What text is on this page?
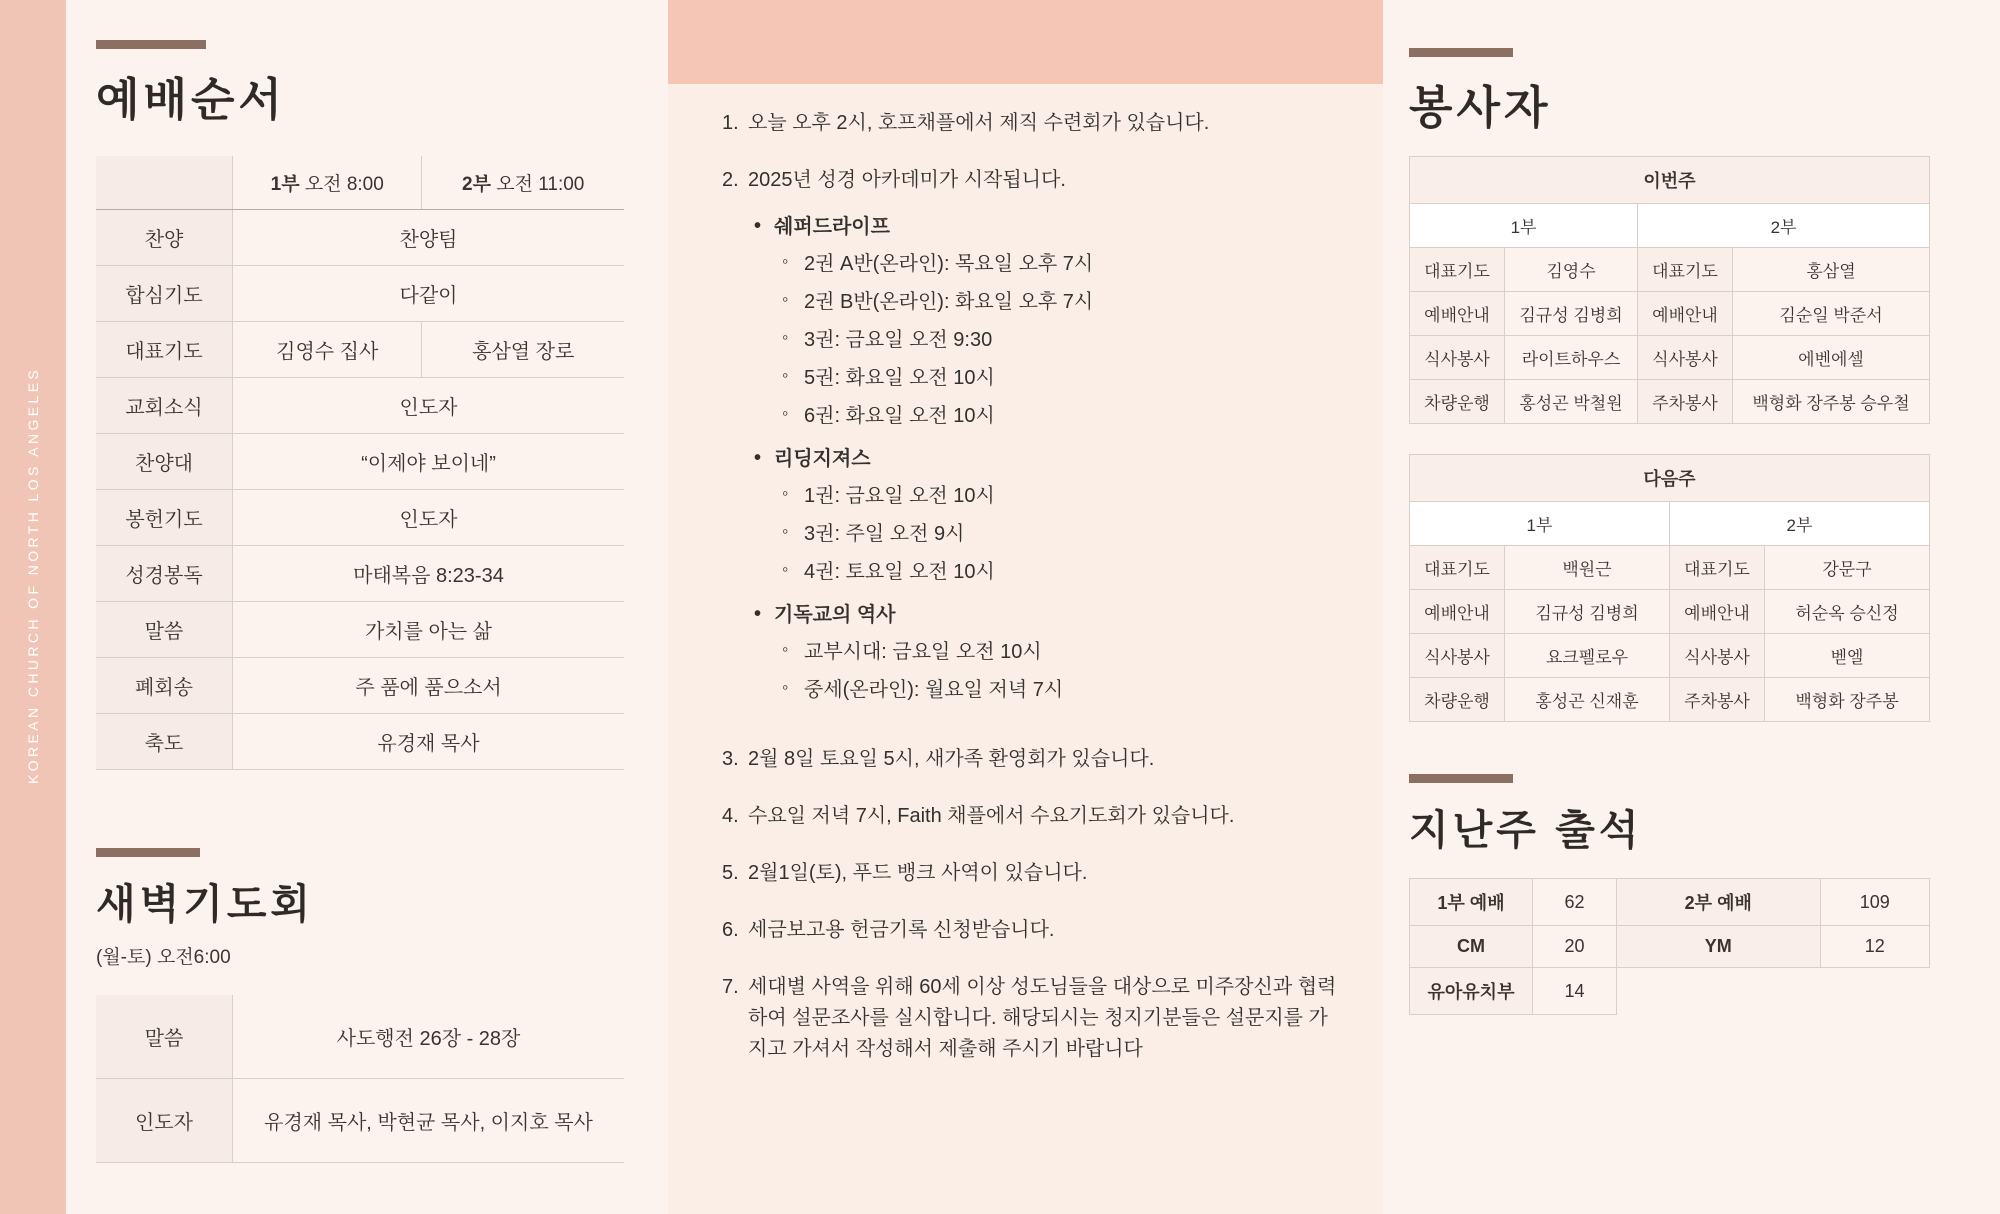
KOREAN CHURCH OF NORTH LOS ANGELES
예배순서
	1부 오전 8:00	2부 오전 11:00
찬양	찬양팀	
합심기도	다같이	
대표기도	김영수 집사	홍삼열 장로
교회소식	인도자	
찬양대	“이제야 보이네”	
봉헌기도	인도자	
성경봉독	마태복음 8:23-34	
말씀	가치를 아는 삶	
폐회송	주 품에 품으소서	
축도	유경재 목사	
새벽기도회
(월-토) 오전6:00
말씀	사도행전 26장 - 28장
인도자	유경재 목사, 박현균 목사, 이지호 목사
1. 오늘 오후 2시, 호프채플에서 제직 수련회가 있습니다.
2. 2025년 성경 아카데미가 시작됩니다.
• 쉐퍼드라이프
◦ 2권 A반(온라인): 목요일 오후 7시
◦ 2권 B반(온라인): 화요일 오후 7시
◦ 3권: 금요일 오전 9:30
◦ 5권: 화요일 오전 10시
◦ 6권: 화요일 오전 10시
• 리딩지져스
◦ 1권: 금요일 오전 10시
◦ 3권: 주일 오전 9시
◦ 4권: 토요일 오전 10시
• 기독교의 역사
◦ 교부시대: 금요일 오전 10시
◦ 중세(온라인): 월요일 저녁 7시
3. 2월 8일 토요일 5시, 새가족 환영회가 있습니다.
4. 수요일 저녁 7시, Faith 채플에서 수요기도회가 있습니다.
5. 2월1일(토), 푸드 뱅크 사역이 있습니다.
6. 세금보고용 헌금기록 신청받습니다.
7. 세대별 사역을 위해 60세 이상 성도님들을 대상으로 미주장신과 협력하여 설문조사를 실시합니다. 해당되시는 청지기분들은 설문지를 가지고 가셔서 작성해서 제출해 주시기 바랍니다
봉사자
이번주			
1부		2부	
대표기도	김영수	대표기도	홍삼열
예배안내	김규성 김병희	예배안내	김순일 박준서
식사봉사	라이트하우스	식사봉사	에벤에셀
차량운행	홍성곤 박철원	주차봉사	백형화 장주봉 승우철
다음주			
1부		2부	
대표기도	백원근	대표기도	강문구
예배안내	김규성 김병희	예배안내	허순옥 승신정
식사봉사	요크펠로우	식사봉사	벧엘
차량운행	홍성곤 신재훈	주차봉사	백형화 장주봉
지난주 출석
1부 예배	62	2부 예배	109
CM	20	YM	12
유아유치부	14		
